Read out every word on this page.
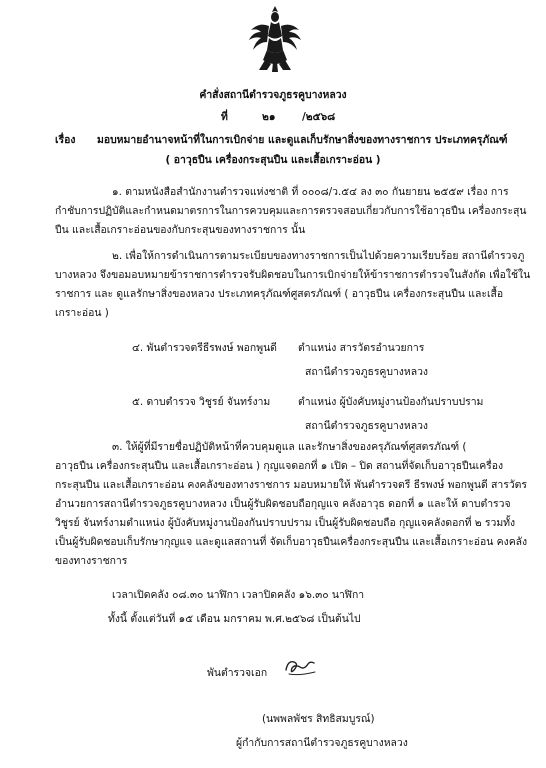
คำสั่งสถานีตำรวจภูธรคูบางหลวง
ที่	๒๑	/๒๕๖๘
เรื่อง มอบหมายอำนาจหน้าที่ในการเบิกจ่าย และดูแลเก็บรักษาสิ่งของทางราชการ ประเภทครุภัณฑ์
( อาวุธปืน เครื่องกระสุนปืน และเสื้อเกราะอ่อน )
๑. ตามหนังสือสำนักงานตำรวจแห่งชาติ ที่ ๐๐๐๘/ว.๕๔ ลง ๓๐ กันยายน ๒๕๕๙ เรื่อง การ
กำชับการปฏิบัติและกำหนดมาตรการในการควบคุมและการตรวจสอบเกี่ยวกับการใช้อาวุธปืน เครื่องกระสุน
ปืน และเสื้อเกราะอ่อนของกับกระสุนของทางราชการ นั้น
๒. เพื่อให้การดำเนินการตามระเบียบของทางราชการเป็นไปด้วยความเรียบร้อย สถานีตำรวจภู
บางหลวง จึงขอมอบหมายข้าราชการตำรวจรับผิดชอบในการเบิกจ่ายให้ข้าราชการตำรวจในสังกัด เพื่อใช้ใน
ราชการ และ ดูแลรักษาสิ่งของหลวง ประเภทครุภัณฑ์ศูสตรภัณฑ์ ( อาวุธปืน เครื่องกระสุนปืน และเสื้อ
เกราะอ่อน )
๔. พันตำรวจตรีธีรพงษ์ พอกพูนดี ตำแหน่ง สารวัตรอำนวยการ
สถานีตำรวจภูธรคูบางหลวง
๕. ดาบตำรวจ วิชูรย์ จันทร์งาม	ตำแหน่ง ผู้บังคับหมู่งานป้องกันปราบปราม
สถานีตำรวจภูธรคูบางหลวง
๓. ให้ผู้ที่มีรายชื่อปฏิบัติหน้าที่ควบคุมดูแล และรักษาสิ่งของครุภัณฑ์ศูสตรภัณฑ์ (
อาวุธปืน เครื่องกระสุนปืน และเสื้อเกราะอ่อน ) กุญแจดอกที่ ๑ เปิด – ปิด สถานที่จัดเก็บอาวุธปืนเครื่อง
กระสุนปืน และเสื้อเกราะอ่อน คงคลังของทางราชการ มอบหมายให้ พันตำรวจตรี ธีรพงษ์ พอกพูนดี สารวัตร
อำนวยการสถานีตำรวจภูธรคูบางหลวง เป็นผู้รับผิดชอบถือกุญแจ คลังอาวุธ ดอกที่ ๑ และให้ ดาบตำรวจ
วิชูรย์ จันทร์งามตำแหน่ง ผู้บังคับหมู่งานป้องกันปราบปราม เป็นผู้รับผิดชอบถือ กุญแจคลังดอกที่ ๒ รวมทั้ง
เป็นผู้รับผิดชอบเก็บรักษากุญแจ และดูแลสถานที่ จัดเก็บอาวุธปืนเครื่องกระสุนปืน และเสื้อเกราะอ่อน คงคลัง
ของทางราชการ
เวลาเปิดคลัง ๐๘.๓๐ นาฬิกา เวลาปิดคลัง ๑๖.๓๐ นาฬิกา
ทั้งนี้ ตั้งแต่วันที่ ๑๕ เดือน มกราคม พ.ศ.๒๕๖๘ เป็นต้นไป
พันตำรวจเอก
(นพพลพัชร สิทธิสมบูรณ์)
ผู้กำกับการสถานีตำรวจภูธรคูบางหลวง
